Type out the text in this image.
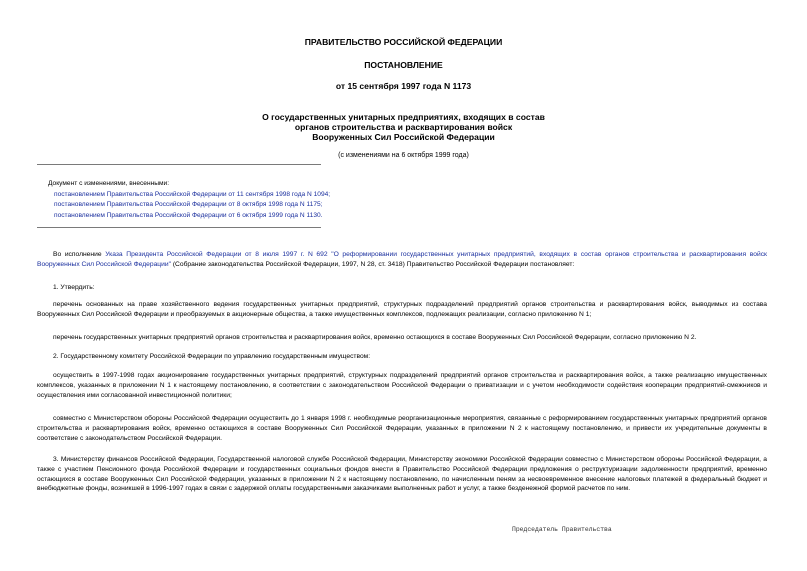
ПРАВИТЕЛЬСТВО РОССИЙСКОЙ ФЕДЕРАЦИИ
ПОСТАНОВЛЕНИЕ
от 15 сентября 1997 года N 1173
О государственных унитарных предприятиях, входящих в состав
органов строительства и расквартирования войск
Вооруженных Сил Российской Федерации
(с изменениями на 6 октября 1999 года)
Документ с изменениями, внесенными:
постановлением Правительства Российской Федерации от 11 сентября 1998 года N 1094;
постановлением Правительства Российской Федерации от 8 октября 1998 года N 1175;
постановлением Правительства Российской Федерации от 6 октября 1999 года N 1130.
Во исполнение Указа Президента Российской Федерации от 8 июля 1997 г. N 692 "О реформировании государственных унитарных предприятий, входящих в состав органов строительства и расквартирования войск Вооруженных Сил Российской Федерации" (Собрание законодательства Российской Федерации, 1997, N 28, ст. 3418) Правительство Российской Федерации постановляет:
1. Утвердить:
перечень основанных на праве хозяйственного ведения государственных унитарных предприятий, структурных подразделений предприятий органов строительства и расквартирования войск, выводимых из состава Вооруженных Сил Российской Федерации и преобразуемых в акционерные общества, а также имущественных комплексов, подлежащих реализации, согласно приложению N 1;
перечень государственных унитарных предприятий органов строительства и расквартирования войск, временно остающихся в составе Вооруженных Сил Российской Федерации, согласно приложению N 2.
2. Государственному комитету Российской Федерации по управлению государственным имуществом:
осуществить в 1997-1998 годах акционирование государственных унитарных предприятий, структурных подразделений предприятий органов строительства и расквартирования войск, а также реализацию имущественных комплексов, указанных в приложении N 1 к настоящему постановлению, в соответствии с законодательством Российской Федерации о приватизации и с учетом необходимости содействия кооперации предприятий-смежников и осуществления ими согласованной инвестиционной политики;
совместно с Министерством обороны Российской Федерации осуществить до 1 января 1998 г. необходимые реорганизационные мероприятия, связанные с реформированием государственных унитарных предприятий органов строительства и расквартирования войск, временно остающихся в составе Вооруженных Сил Российской Федерации, указанных в приложении N 2 к настоящему постановлению, и привести их учредительные документы в соответствие с законодательством Российской Федерации.
3. Министерству финансов Российской Федерации, Государственной налоговой службе Российской Федерации, Министерству экономики Российской Федерации совместно с Министерством обороны Российской Федерации, а также с участием Пенсионного фонда Российской Федерации и государственных социальных фондов внести в Правительство Российской Федерации предложения о реструктуризации задолженности предприятий, временно остающихся в составе Вооруженных Сил Российской Федерации, указанных в приложении N 2 к настоящему постановлению, по начисленным пеням за несвоевременное внесение налоговых платежей в федеральный бюджет и внебюджетные фонды, возникшей в 1996-1997 годах в связи с задержкой оплаты государственными заказчиками выполненных работ и услуг, а также безденежной формой расчетов по ним.
Председатель Правительства
